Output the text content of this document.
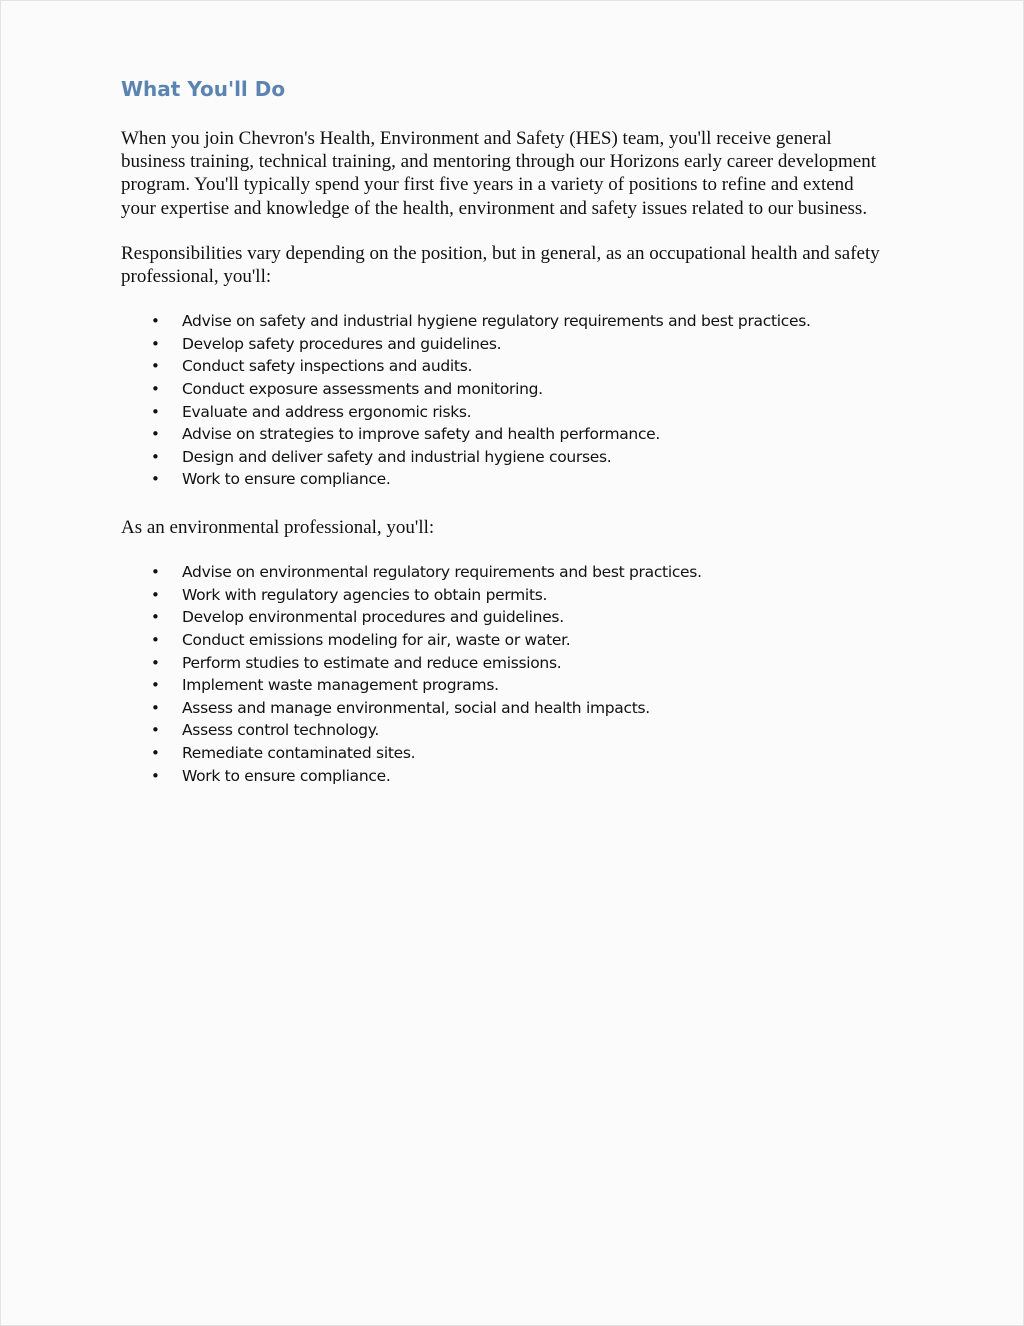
What You'll Do

When you join Chevron's Health, Environment and Safety (HES) team, you'll receive general business training, technical training, and mentoring through our Horizons early career development program. You'll typically spend your first five years in a variety of positions to refine and extend your expertise and knowledge of the health, environment and safety issues related to our business.

Responsibilities vary depending on the position, but in general, as an occupational health and safety professional, you'll:

• Advise on safety and industrial hygiene regulatory requirements and best practices.
• Develop safety procedures and guidelines.
• Conduct safety inspections and audits.
• Conduct exposure assessments and monitoring.
• Evaluate and address ergonomic risks.
• Advise on strategies to improve safety and health performance.
• Design and deliver safety and industrial hygiene courses.
• Work to ensure compliance.

As an environmental professional, you'll:

• Advise on environmental regulatory requirements and best practices.
• Work with regulatory agencies to obtain permits.
• Develop environmental procedures and guidelines.
• Conduct emissions modeling for air, waste or water.
• Perform studies to estimate and reduce emissions.
• Implement waste management programs.
• Assess and manage environmental, social and health impacts.
• Assess control technology.
• Remediate contaminated sites.
• Work to ensure compliance.
